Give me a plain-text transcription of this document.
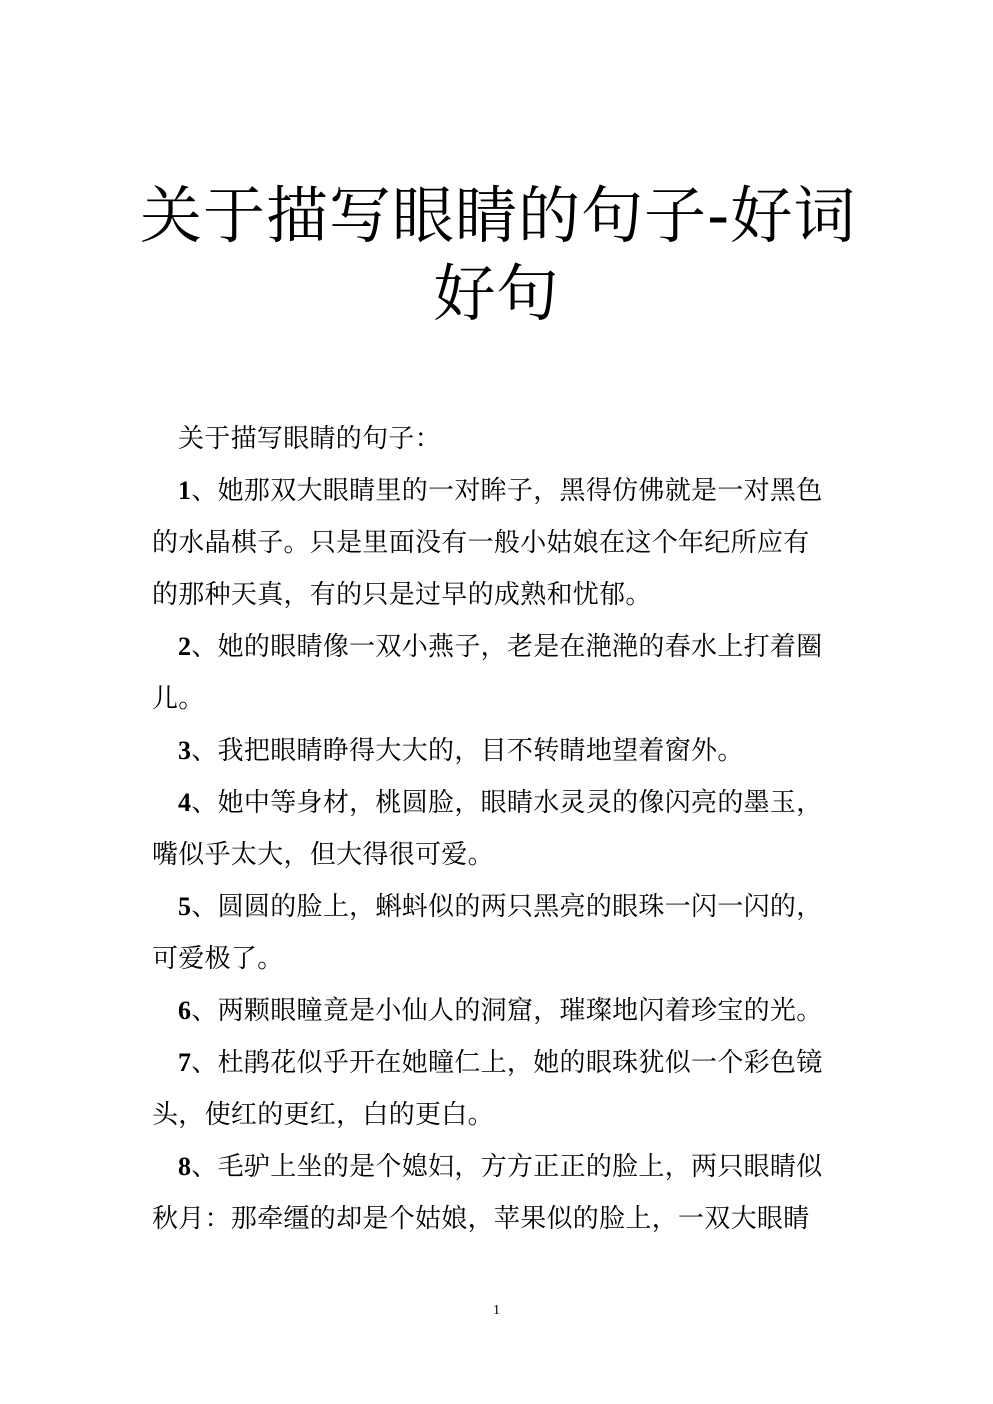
关于描写眼睛的句子-好词
好句
关于描写眼睛的句子：
1、她那双大眼睛里的一对眸子，黑得仿佛就是一对黑色
的水晶棋子。只是里面没有一般小姑娘在这个年纪所应有
的那种天真，有的只是过早的成熟和忧郁。
2、她的眼睛像一双小燕子，老是在滟滟的春水上打着圈
儿。
3、我把眼睛睁得大大的，目不转睛地望着窗外。
4、她中等身材，桃圆脸，眼睛水灵灵的像闪亮的墨玉，
嘴似乎太大，但大得很可爱。
5、圆圆的脸上，蝌蚪似的两只黑亮的眼珠一闪一闪的，
可爱极了。
6、两颗眼瞳竟是小仙人的洞窟，璀璨地闪着珍宝的光。
7、杜鹃花似乎开在她瞳仁上，她的眼珠犹似一个彩色镜
头，使红的更红，白的更白。
8、毛驴上坐的是个媳妇，方方正正的脸上，两只眼睛似
秋月：那牵缰的却是个姑娘，苹果似的脸上，一双大眼睛
1
